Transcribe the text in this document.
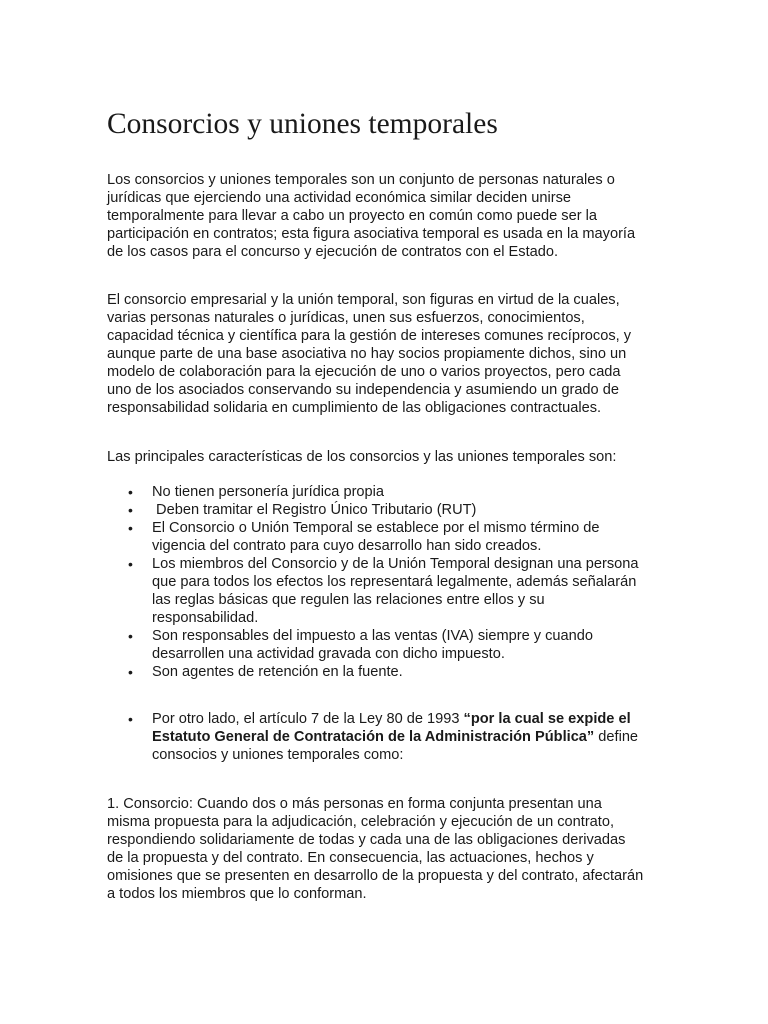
Consorcios y uniones temporales

Los consorcios y uniones temporales son un conjunto de personas naturales o
jurídicas que ejerciendo una actividad económica similar deciden unirse
temporalmente para llevar a cabo un proyecto en común como puede ser la
participación en contratos; esta figura asociativa temporal es usada en la mayoría
de los casos para el concurso y ejecución de contratos con el Estado.

El consorcio empresarial y la unión temporal, son figuras en virtud de la cuales,
varias personas naturales o jurídicas, unen sus esfuerzos, conocimientos,
capacidad técnica y científica para la gestión de intereses comunes recíprocos, y
aunque parte de una base asociativa no hay socios propiamente dichos, sino un
modelo de colaboración para la ejecución de uno o varios proyectos, pero cada
uno de los asociados conservando su independencia y asumiendo un grado de
responsabilidad solidaria en cumplimiento de las obligaciones contractuales.

Las principales características de los consorcios y las uniones temporales son:

• No tienen personería jurídica propia
• Deben tramitar el Registro Único Tributario (RUT)
• El Consorcio o Unión Temporal se establece por el mismo término de
vigencia del contrato para cuyo desarrollo han sido creados.
• Los miembros del Consorcio y de la Unión Temporal designan una persona
que para todos los efectos los representará legalmente, además señalarán
las reglas básicas que regulen las relaciones entre ellos y su
responsabilidad.
• Son responsables del impuesto a las ventas (IVA) siempre y cuando
desarrollen una actividad gravada con dicho impuesto.
• Son agentes de retención en la fuente.
• Por otro lado, el artículo 7 de la Ley 80 de 1993 “por la cual se expide el
Estatuto General de Contratación de la Administración Pública” define
consocios y uniones temporales como:

1. Consorcio: Cuando dos o más personas en forma conjunta presentan una
misma propuesta para la adjudicación, celebración y ejecución de un contrato,
respondiendo solidariamente de todas y cada una de las obligaciones derivadas
de la propuesta y del contrato. En consecuencia, las actuaciones, hechos y
omisiones que se presenten en desarrollo de la propuesta y del contrato, afectarán
a todos los miembros que lo conforman.
